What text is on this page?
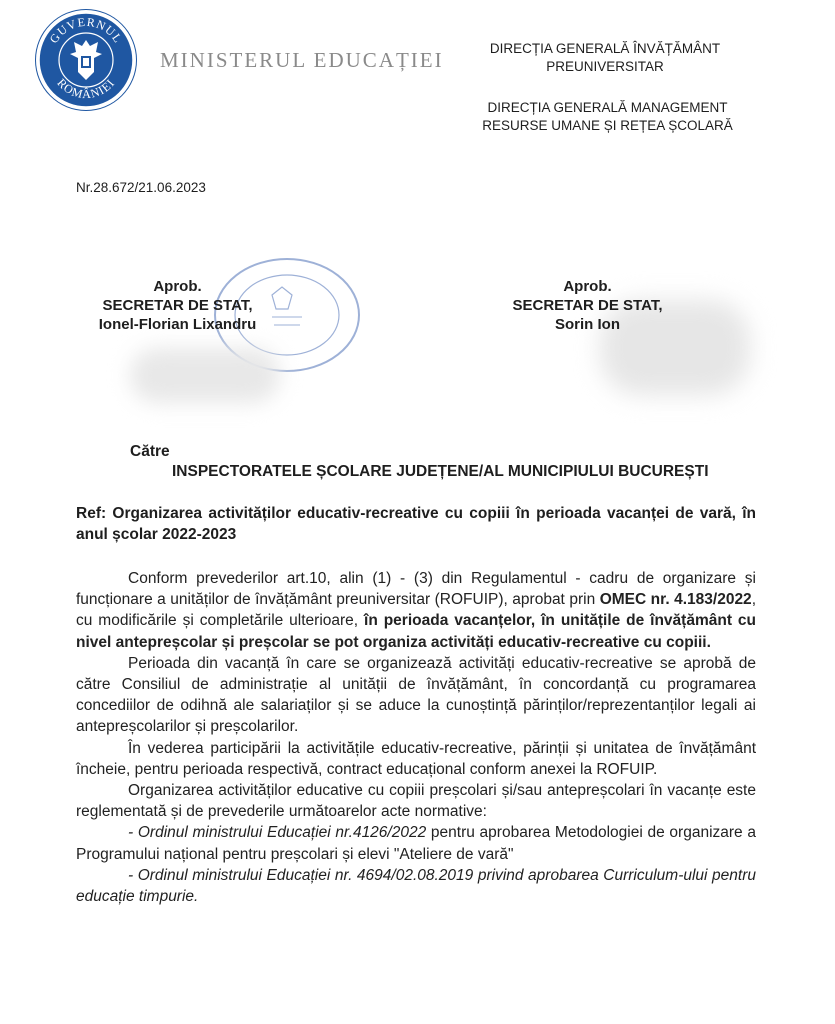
GUVERNUL
ROMÂNIEI
MINISTERUL EDUCAȚIEI	DIRECȚIA GENERALĂ ÎNVĂȚĂMÂNT
PREUNIVERSITAR
DIRECȚIA GENERALĂ MANAGEMENT
RESURSE UMANE ȘI REȚEA ȘCOLARĂ
Nr.28.672/21.06.2023
Aprob.
SECRETAR DE STAT,
Ionel-Florian Lixandru
Aprob.
SECRETAR DE STAT,
Sorin Ion
Către
INSPECTORATELE ȘCOLARE JUDEȚENE/AL MUNICIPIULUI BUCUREȘTI
Ref: Organizarea activităților educativ-recreative cu copiii în perioada vacanței de vară, în anul școlar 2022-2023

Conform prevederilor art.10, alin (1) - (3) din Regulamentul - cadru de organizare și funcționare a unităților de învățământ preuniversitar (ROFUIP), aprobat prin OMEC nr. 4.183/2022, cu modificările și completările ulterioare, în perioada vacanțelor, în unitățile de învățământ cu nivel antepreșcolar și preșcolar se pot organiza activități educativ-recreative cu copiii.

Perioada din vacanță în care se organizează activități educativ-recreative se aprobă de către Consiliul de administrație al unității de învățământ, în concordanță cu programarea concediilor de odihnă ale salariaților și se aduce la cunoștință părinților/reprezentanților legali ai antepreșcolarilor și preșcolarilor.

În vederea participării la activitățile educativ-recreative, părinții și unitatea de învățământ încheie, pentru perioada respectivă, contract educațional conform anexei la ROFUIP.

Organizarea activităților educative cu copiii preșcolari și/sau antepreșcolari în vacanțe este reglementată și de prevederile următoarelor acte normative:

- Ordinul ministrului Educației nr.4126/2022 pentru aprobarea Metodologiei de organizare a Programului național pentru preșcolari și elevi "Ateliere de vară"

- Ordinul ministrului Educației nr. 4694/02.08.2019 privind aprobarea Curriculum-ului pentru educație timpurie.
